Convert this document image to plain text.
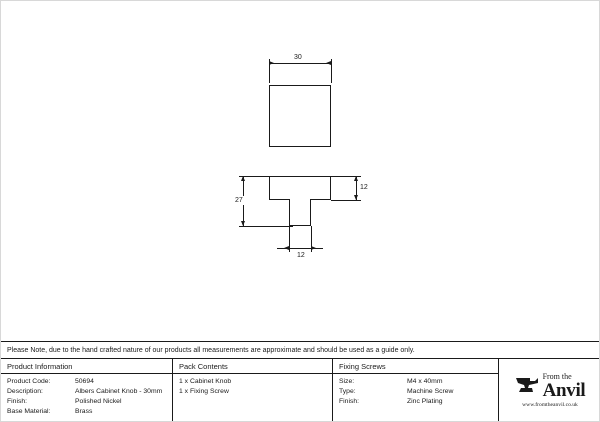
30
12
27
12
Please Note, due to the hand crafted nature of our products all measurements are approximate and should be used as a guide only.
Product Information
Product Code:	50694
Description:	Albers Cabinet Knob - 30mm
Finish:	Polished Nickel
Base Material:	Brass
Pack Contents
1 x Cabinet Knob
1 x Fixing Screw
Fixing Screws
Size:	M4 x 40mm
Type:	Machine Screw
Finish:	Zinc Plating
From the
Anvil
www.fromtheanvil.co.uk
